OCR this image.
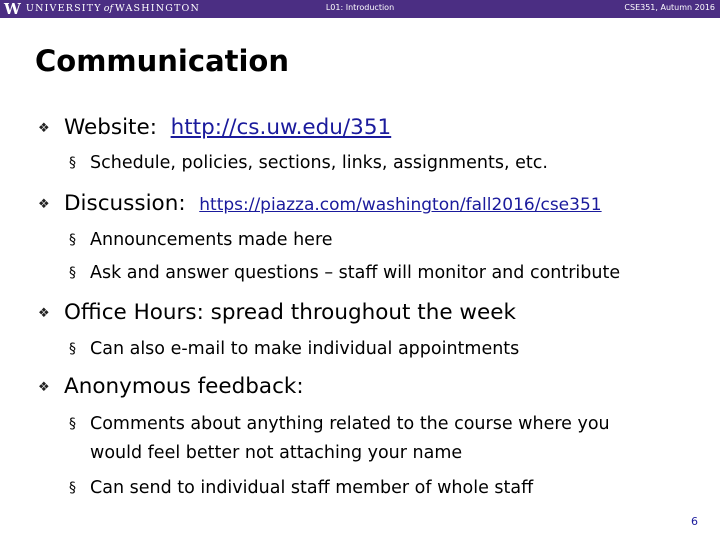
W UNIVERSITY of WASHINGTON	L01: Introduction	CSE351, Autumn 2016
Communication
❖ Website: http://cs.uw.edu/351
§ Schedule, policies, sections, links, assignments, etc.
❖ Discussion: https://piazza.com/washington/fall2016/cse351
§ Announcements made here
§ Ask and answer questions – staff will monitor and contribute
❖ Office Hours: spread throughout the week
§ Can also e-mail to make individual appointments
❖ Anonymous feedback:
§ Comments about anything related to the course where you
would feel better not attaching your name
§ Can send to individual staff member of whole staff
6
